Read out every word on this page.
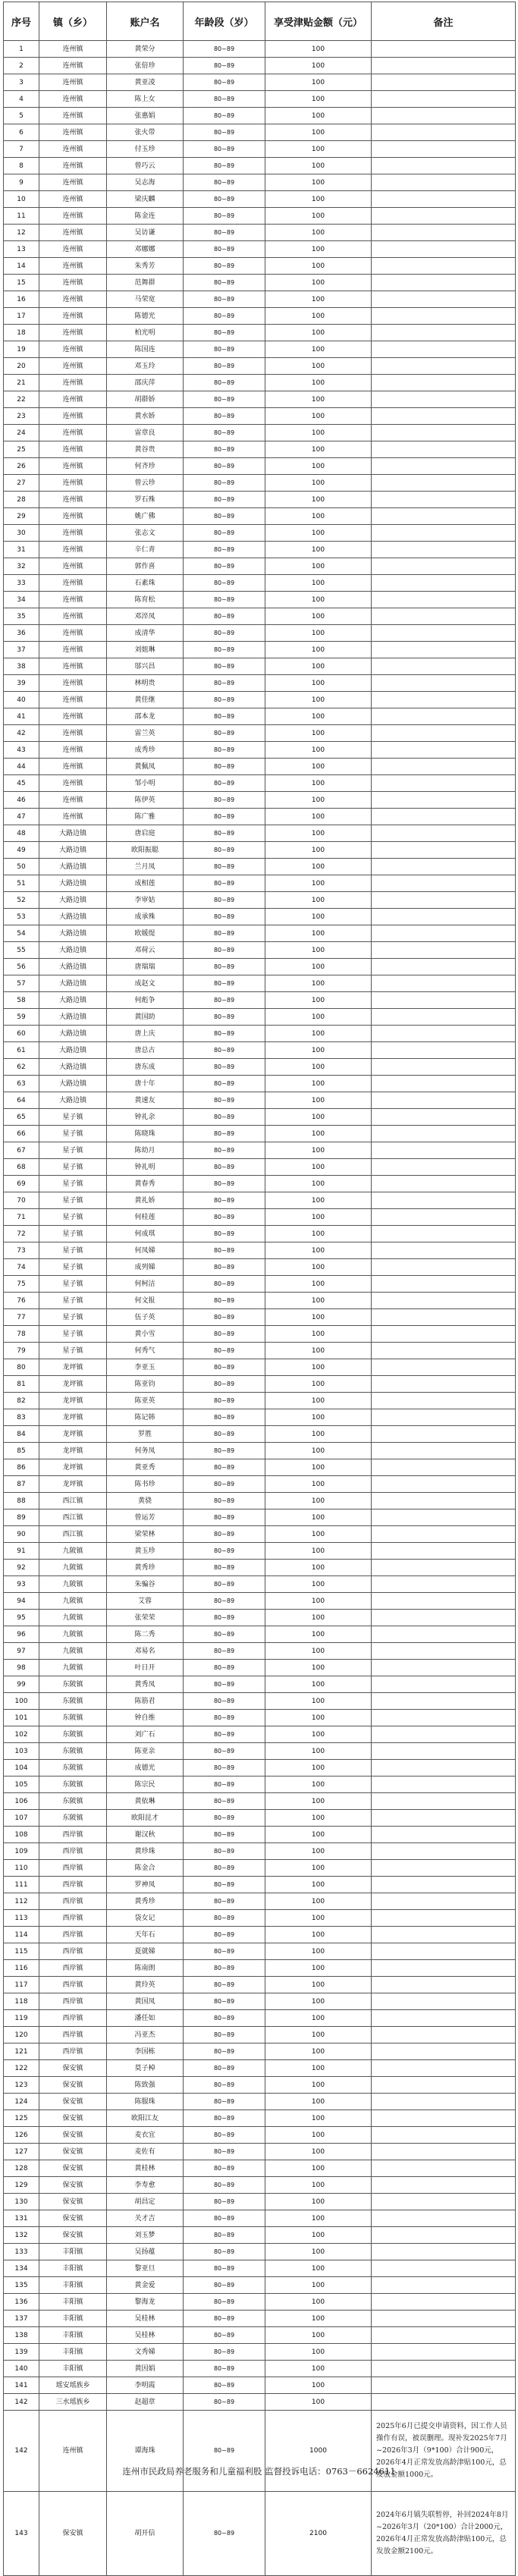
序号	镇（乡）	账户名	年龄段（岁）	享受津贴金额（元）	备注
1	连州镇	黄荣分	80~89	100	
2	连州镇	张倍珍	80~89	100	
3	连州镇	黄亚凌	80~89	100	
4	连州镇	陈上女	80~89	100	
5	连州镇	张惠娟	80~89	100	
6	连州镇	张火带	80~89	100	
7	连州镇	付玉珍	80~89	100	
8	连州镇	曾巧云	80~89	100	
9	连州镇	吴志海	80~89	100	
10	连州镇	梁庆麟	80~89	100	
11	连州镇	陈金连	80~89	100	
12	连州镇	吴访谦	80~89	100	
13	连州镇	邓娜娜	80~89	100	
14	连州镇	朱秀芳	80~89	100	
15	连州镇	范舞群	80~89	100	
16	连州镇	马荣宽	80~89	100	
17	连州镇	陈德光	80~89	100	
18	连州镇	柏光明	80~89	100	
19	连州镇	陈国连	80~89	100	
20	连州镇	邓玉玲	80~89	100	
21	连州镇	邵庆萍	80~89	100	
22	连州镇	胡群娇	80~89	100	
23	连州镇	黄水娇	80~89	100	
24	连州镇	雷章良	80~89	100	
25	连州镇	黄谷贵	80~89	100	
26	连州镇	何齐珍	80~89	100	
27	连州镇	曾云珍	80~89	100	
28	连州镇	罗石殊	80~89	100	
29	连州镇	姚广佛	80~89	100	
30	连州镇	张志文	80~89	100	
31	连州镇	辛仁青	80~89	100	
32	连州镇	郭作喜	80~89	100	
33	连州镇	石素珠	80~89	100	
34	连州镇	陈育松	80~89	100	
35	连州镇	邓淬凤	80~89	100	
36	连州镇	成清华	80~89	100	
37	连州镇	刘姐琳	80~89	100	
38	连州镇	邬兴昌	80~89	100	
39	连州镇	林明贵	80~89	100	
40	连州镇	黄佳继	80~89	100	
41	连州镇	邵本龙	80~89	100	
42	连州镇	雷兰英	80~89	100	
43	连州镇	成秀珍	80~89	100	
44	连州镇	黄佩凤	80~89	100	
45	连州镇	邹小明	80~89	100	
46	连州镇	陈伊英	80~89	100	
47	连州镇	陈广雅	80~89	100	
48	大路边镇	唐启庭	80~89	100	
49	大路边镇	欧阳振聪	80~89	100	
50	大路边镇	兰月凤	80~89	100	
51	大路边镇	成相莲	80~89	100	
52	大路边镇	李审姑	80~89	100	
53	大路边镇	成承殊	80~89	100	
54	大路边镇	欧媛缇	80~89	100	
55	大路边镇	邓荷云	80~89	100	
56	大路边镇	唐瑞瑞	80~89	100	
57	大路边镇	成赵文	80~89	100	
58	大路边镇	何彪争	80~89	100	
59	大路边镇	黄国助	80~89	100	
60	大路边镇	唐上庆	80~89	100	
61	大路边镇	唐总古	80~89	100	
62	大路边镇	唐东成	80~89	100	
63	大路边镇	唐十年	80~89	100	
64	大路边镇	黄速友	80~89	100	
65	星子镇	钟礼余	80~89	100	
66	星子镇	陈晓珠	80~89	100	
67	星子镇	陈幼月	80~89	100	
68	星子镇	钟礼明	80~89	100	
69	星子镇	黄春秀	80~89	100	
70	星子镇	黄礼娇	80~89	100	
71	星子镇	何桂莲	80~89	100	
72	星子镇	何成琪	80~89	100	
73	星子镇	何凤娣	80~89	100	
74	星子镇	成列娣	80~89	100	
75	星子镇	何柯洁	80~89	100	
76	星子镇	何文报	80~89	100	
77	星子镇	伍子英	80~89	100	
78	星子镇	黄小雪	80~89	100	
79	星子镇	何秀气	80~89	100	
80	龙坪镇	李亚玉	80~89	100	
81	龙坪镇	陈亚钧	80~89	100	
82	龙坪镇	陈亚英	80~89	100	
83	龙坪镇	陈记韩	80~89	100	
84	龙坪镇	罗胜	80~89	100	
85	龙坪镇	何务凤	80~89	100	
86	龙坪镇	黄亚秀	80~89	100	
87	龙坪镇	陈书珍	80~89	100	
88	西江镇	黄骁	80~89	100	
89	西江镇	曾运芳	80~89	100	
90	西江镇	梁荣林	80~89	100	
91	九陂镇	黄玉珍	80~89	100	
92	九陂镇	黄秀珍	80~89	100	
93	九陂镇	朱骗谷	80~89	100	
94	九陂镇	艾蓉	80~89	100	
95	九陂镇	张荣荣	80~89	100	
96	九陂镇	陈二秀	80~89	100	
97	九陂镇	邓易名	80~89	100	
98	九陂镇	叶日开	80~89	100	
99	东陂镇	黄秀凤	80~89	100	
100	东陂镇	陈筋君	80~89	100	
101	东陂镇	钟自维	80~89	100	
102	东陂镇	刘广石	80~89	100	
103	东陂镇	陈亚亲	80~89	100	
104	东陂镇	成德光	80~89	100	
105	东陂镇	陈宗民	80~89	100	
106	东陂镇	黄依琳	80~89	100	
107	东陂镇	欧阳昆才	80~89	100	
108	西岸镇	谢汉秋	80~89	100	
109	西岸镇	黄珍珠	80~89	100	
110	西岸镇	陈金合	80~89	100	
111	西岸镇	罗神凤	80~89	100	
112	西岸镇	黄秀珍	80~89	100	
113	西岸镇	袋女记	80~89	100	
114	西岸镇	天年石	80~89	100	
115	西岸镇	夏就娣	80~89	100	
116	西岸镇	陈南朗	80~89	100	
117	西岸镇	黄玲英	80~89	100	
118	西岸镇	黄国凤	80~89	100	
119	西岸镇	潘任如	80~89	100	
120	西岸镇	冯亚杰	80~89	100	
121	西岸镇	李国栋	80~89	100	
122	保安镇	莫子棹	80~89	100	
123	保安镇	陈致强	80~89	100	
124	保安镇	陈服珠	80~89	100	
125	保安镇	欧阳江友	80~89	100	
126	保安镇	麦衣宜	80~89	100	
127	保安镇	麦佐有	80~89	100	
128	保安镇	黄桂林	80~89	100	
129	保安镇	李寿愈	80~89	100	
130	保安镇	胡昌定	80~89	100	
131	保安镇	关才吉	80~89	100	
132	保安镇	刘玉梦	80~89	100	
133	丰阳镇	吴扬蕴	80~89	100	
134	丰阳镇	黎亚旦	80~89	100	
135	丰阳镇	黄金爱	80~89	100	
136	丰阳镇	黎海龙	80~89	100	
137	丰阳镇	吴桂林	80~89	100	
138	丰阳镇	吴桂林	80~89	100	
139	丰阳镇	文秀娣	80~89	100	
140	丰阳镇	黄因娟	80~89	100	
141	瑶安瑶族乡	李明霞	80~89	100	
142	三水瑶族乡	赵超章	80~89	100	
142	连州镇	谭海珠	80~89	1000	2025年6月已提交申请资料，因工作人员操作有误，被误删理。现补发2025年7月~2026年3月（9*100）合计900元，2026年4月正常发放高龄津贴100元，总发放金额1000元。
143	保安镇	胡开信	80~89	2100	2024年6月镇失联暂停，补回2024年8月~2026年3月（20*100）合计2000元，2026年4月正常发放高龄津贴100元，总发放金额2100元。
连州市民政局养老服务和儿童福利股 监督投诉电话：0763－6624611
